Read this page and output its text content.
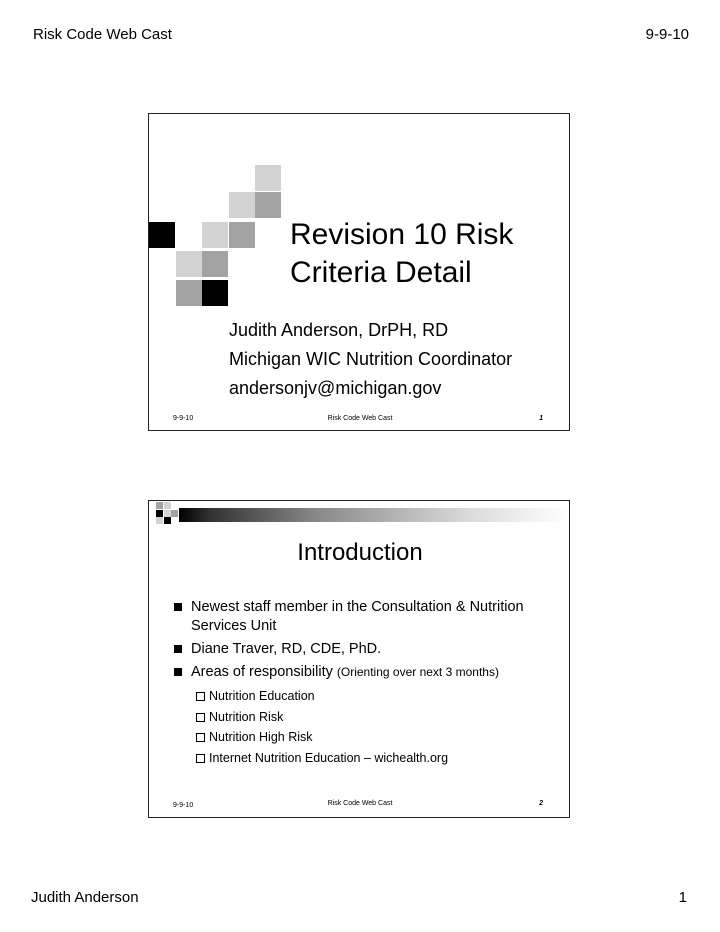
Risk Code Web Cast	9-9-10
Revision 10 Risk
Criteria Detail
Judith Anderson, DrPH, RD
Michigan WIC Nutrition Coordinator
andersonjv@michigan.gov
9-9-10	Risk Code Web Cast	1
Introduction
Newest staff member in the Consultation & Nutrition Services Unit
Diane Traver, RD, CDE, PhD.
Areas of responsibility (Orienting over next 3 months)
Nutrition Education
Nutrition Risk
Nutrition High Risk
Internet Nutrition Education – wichealth.org
9-9-10	Risk Code Web Cast	2
Judith Anderson	1
